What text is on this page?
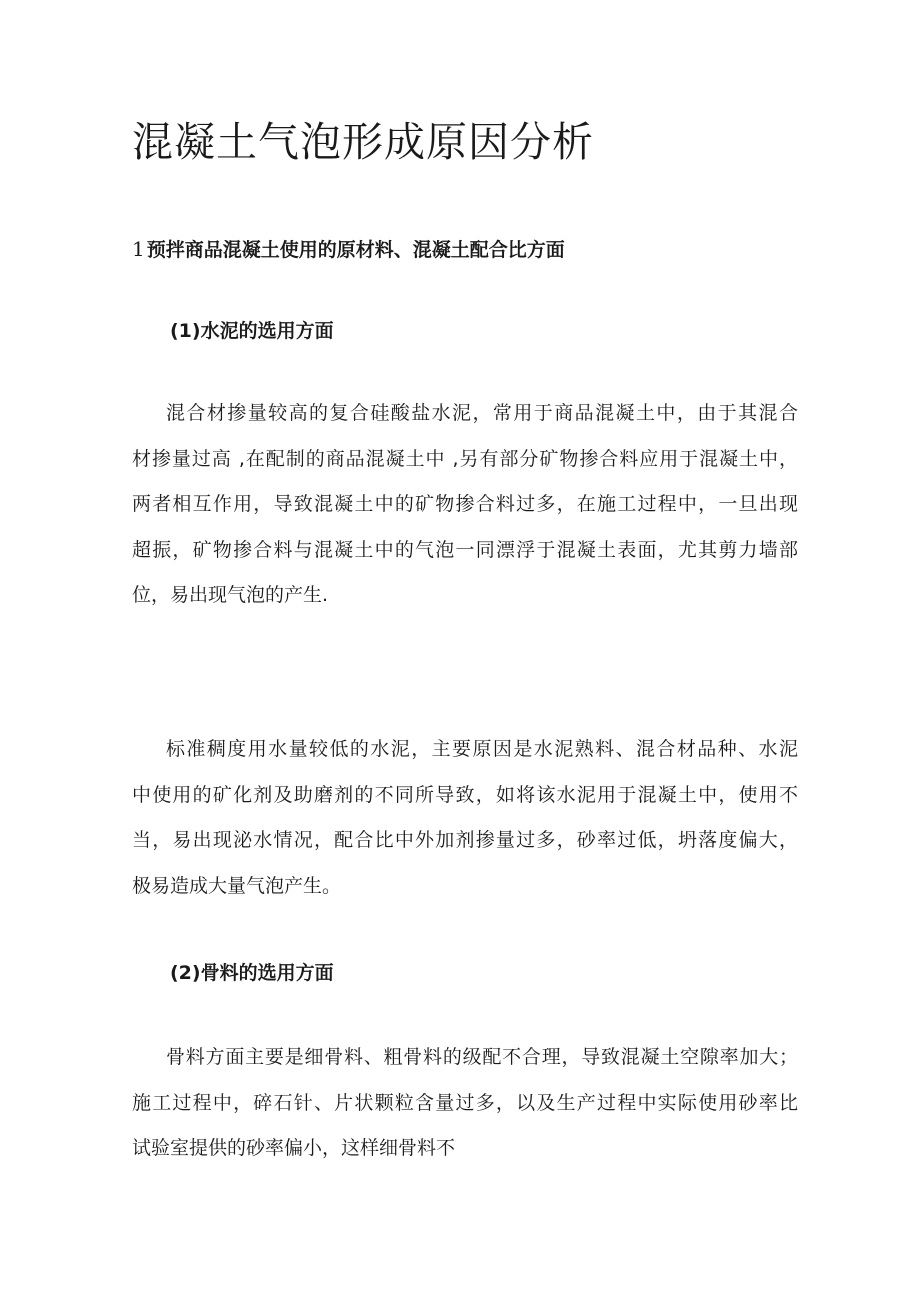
混凝土气泡形成原因分析
1 预拌商品混凝土使用的原材料、混凝土配合比方面
(1)水泥的选用方面

混合材掺量较高的复合硅酸盐水泥，常用于商品混凝土中，由于其混合
材掺量过高 ,在配制的商品混凝土中 ,另有部分矿物掺合料应用于混凝土中，
两者相互作用，导致混凝土中的矿物掺合料过多，在施工过程中，一旦出现
超振，矿物掺合料与混凝土中的气泡一同漂浮于混凝土表面，尤其剪力墙部
位，易出现气泡的产生.

标准稠度用水量较低的水泥，主要原因是水泥熟料、混合材品种、水泥
中使用的矿化剂及助磨剂的不同所导致，如将该水泥用于混凝土中，使用不
当，易出现泌水情况，配合比中外加剂掺量过多，砂率过低，坍落度偏大，
极易造成大量气泡产生。

(2)骨料的选用方面

骨料方面主要是细骨料、粗骨料的级配不合理，导致混凝土空隙率加大；
施工过程中，碎石针、片状颗粒含量过多，以及生产过程中实际使用砂率比
试验室提供的砂率偏小，这样细骨料不
